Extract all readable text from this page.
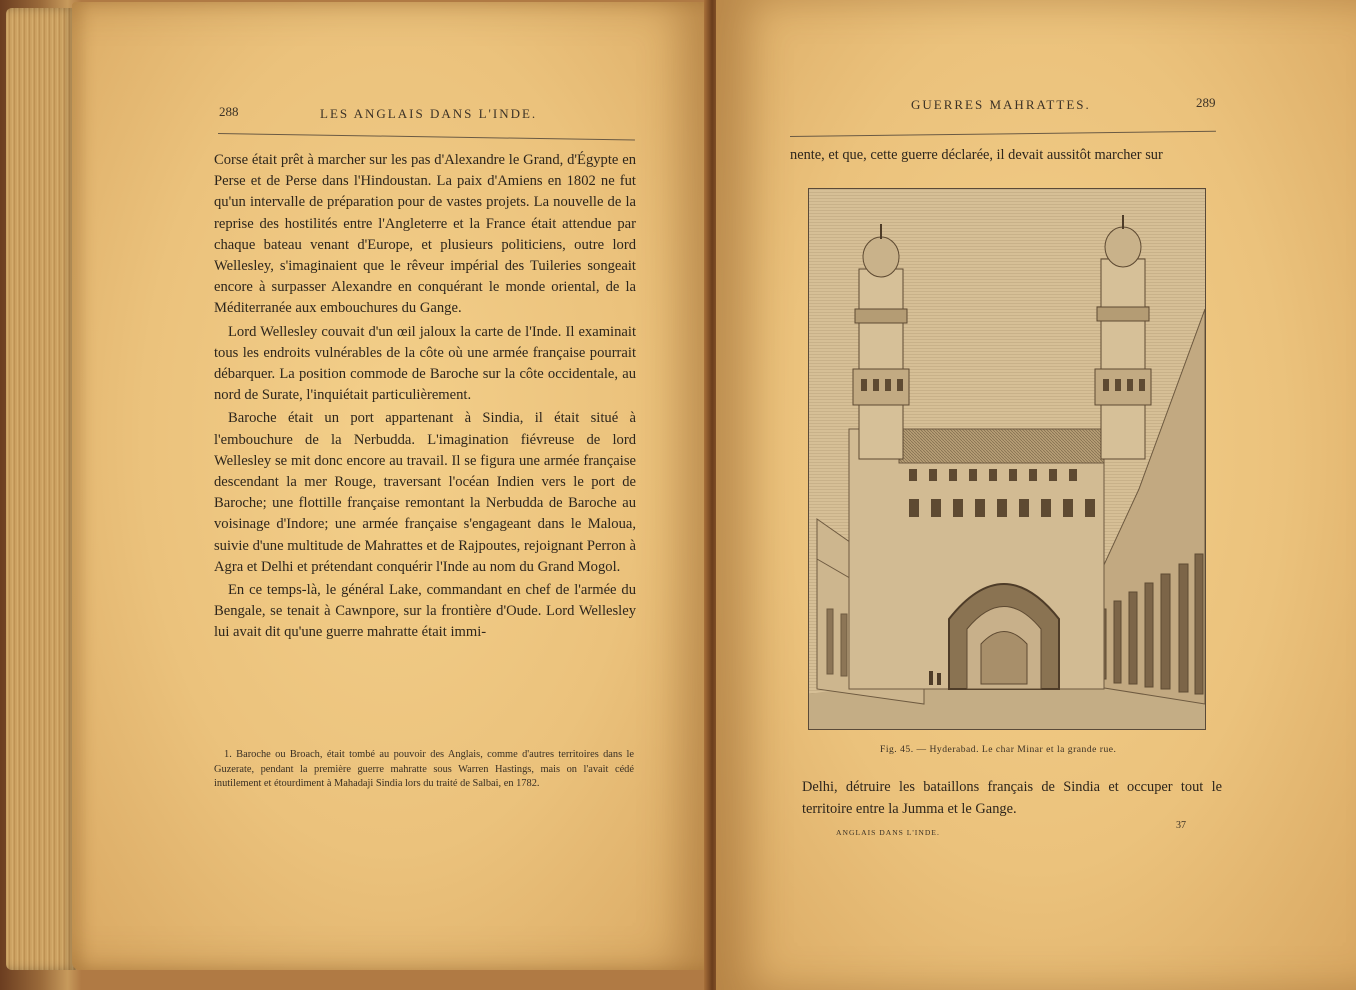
288	LES ANGLAIS DANS L'INDE.

Corse était prêt à marcher sur les pas d'Alexandre le Grand, d'Égypte en Perse et de Perse dans l'Hindoustan. La paix d'Amiens en 1802 ne fut qu'un intervalle de préparation pour de vastes projets. La nouvelle de la reprise des hostilités entre l'Angleterre et la France était attendue par chaque bateau venant d'Europe, et plusieurs politiciens, outre lord Wellesley, s'imaginaient que le rêveur impérial des Tuileries songeait encore à surpasser Alexandre en conquérant le monde oriental, de la Méditerranée aux embouchures du Gange.

Lord Wellesley couvait d'un œil jaloux la carte de l'Inde. Il examinait tous les endroits vulnérables de la côte où une armée française pourrait débarquer. La position commode de Baroche sur la côte occidentale, au nord de Surate, l'inquiétait particulièrement.

Baroche était un port appartenant à Sindia, il était situé à l'embouchure de la Nerbudda. L'imagination fiévreuse de lord Wellesley se mit donc encore au travail. Il se figura une armée française descendant la mer Rouge, traversant l'océan Indien vers le port de Baroche; une flottille française remontant la Nerbudda de Baroche au voisinage d'Indore; une armée française s'engageant dans le Maloua, suivie d'une multitude de Mahrattes et de Rajpoutes, rejoignant Perron à Agra et Delhi et prétendant conquérir l'Inde au nom du Grand Mogol.

En ce temps-là, le général Lake, commandant en chef de l'armée du Bengale, se tenait à Cawnpore, sur la frontière d'Oude. Lord Wellesley lui avait dit qu'une guerre mahratte était immi-

1. Baroche ou Broach, était tombé au pouvoir des Anglais, comme d'autres territoires dans le Guzerate, pendant la première guerre mahratte sous Warren Hastings, mais on l'avait cédé inutilement et étourdiment à Mahadaji Sindia lors du traité de Salbai, en 1782.
GUERRES MAHRATTES.	289
nente, et que, cette guerre déclarée, il devait aussitôt marcher sur
Fig. 45. — Hyderabad. Le char Minar et la grande rue.
Delhi, détruire les bataillons français de Sindia et occuper tout le territoire entre la Jumma et le Gange.
ANGLAIS DANS L'INDE.
37
